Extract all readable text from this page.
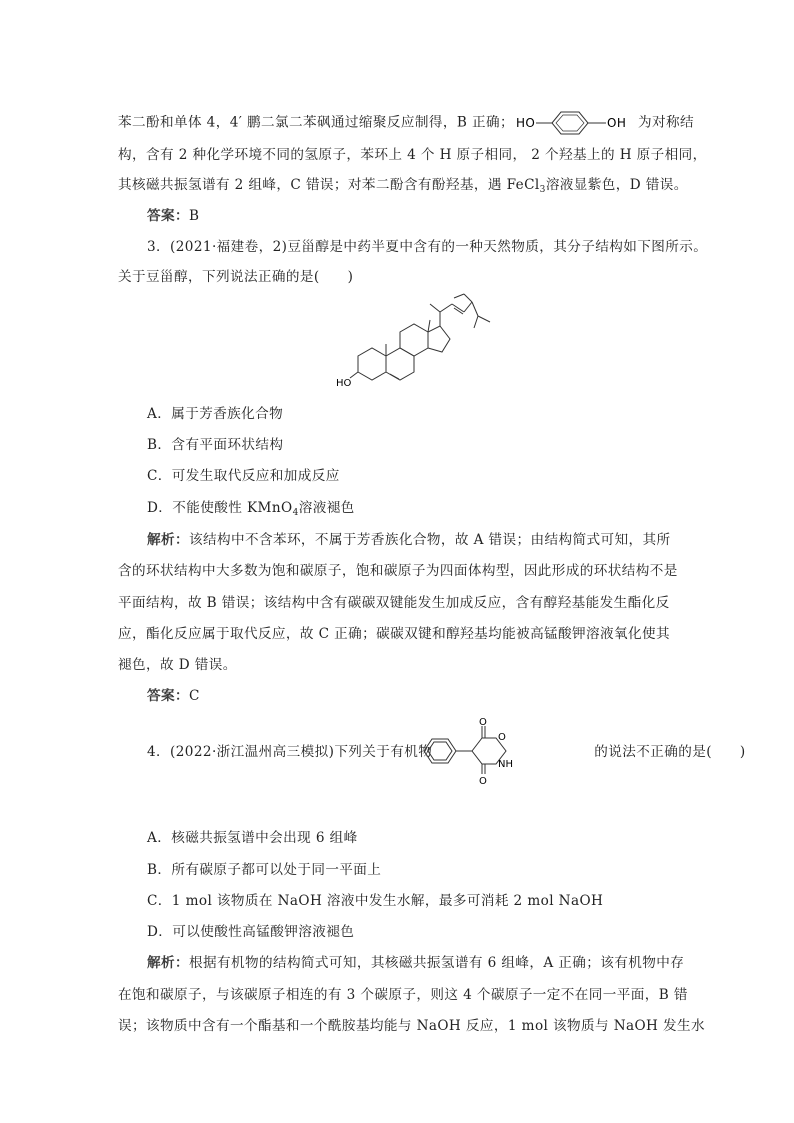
苯二酚和单体 4，4′ 鹏二氯二苯砜通过缩聚反应制得，B 正确； HO	OH 为对称结
构，含有 2 种化学环境不同的氢原子，苯环上 4 个 H 原子相同， 2 个羟基上的 H 原子相同，
其核磁共振氢谱有 2 组峰，C 错误；对苯二酚含有酚羟基，遇 FeCl$_3$溶液显紫色，D 错误。
答案：B
3．(2021·福建卷，2)豆甾醇是中药半夏中含有的一种天然物质，其分子结构如下图所示。
关于豆甾醇，下列说法正确的是(　　)
HO
A．属于芳香族化合物
B．含有平面环状结构
C．可发生取代反应和加成反应
D．不能使酸性 KMnO$_4$溶液褪色
解析：该结构中不含苯环，不属于芳香族化合物，故 A 错误；由结构简式可知，其所
含的环状结构中大多数为饱和碳原子，饱和碳原子为四面体构型，因此形成的环状结构不是
平面结构，故 B 错误；该结构中含有碳碳双键能发生加成反应，含有醇羟基能发生酯化反
应，酯化反应属于取代反应，故 C 正确；碳碳双键和醇羟基均能被高锰酸钾溶液氧化使其
褪色，故 D 错误。
答案：C
4．(2022·浙江温州高三模拟)下列关于有机物	的说法不正确的是(　　)
O
O
NH
O
A．核磁共振氢谱中会出现 6 组峰
B．所有碳原子都可以处于同一平面上
C．1 mol 该物质在 NaOH 溶液中发生水解，最多可消耗 2 mol NaOH
D．可以使酸性高锰酸钾溶液褪色
解析：根据有机物的结构简式可知，其核磁共振氢谱有 6 组峰，A 正确；该有机物中存
在饱和碳原子，与该碳原子相连的有 3 个碳原子，则这 4 个碳原子一定不在同一平面，B 错
误；该物质中含有一个酯基和一个酰胺基均能与 NaOH 反应，1 mol 该物质与 NaOH 发生水
